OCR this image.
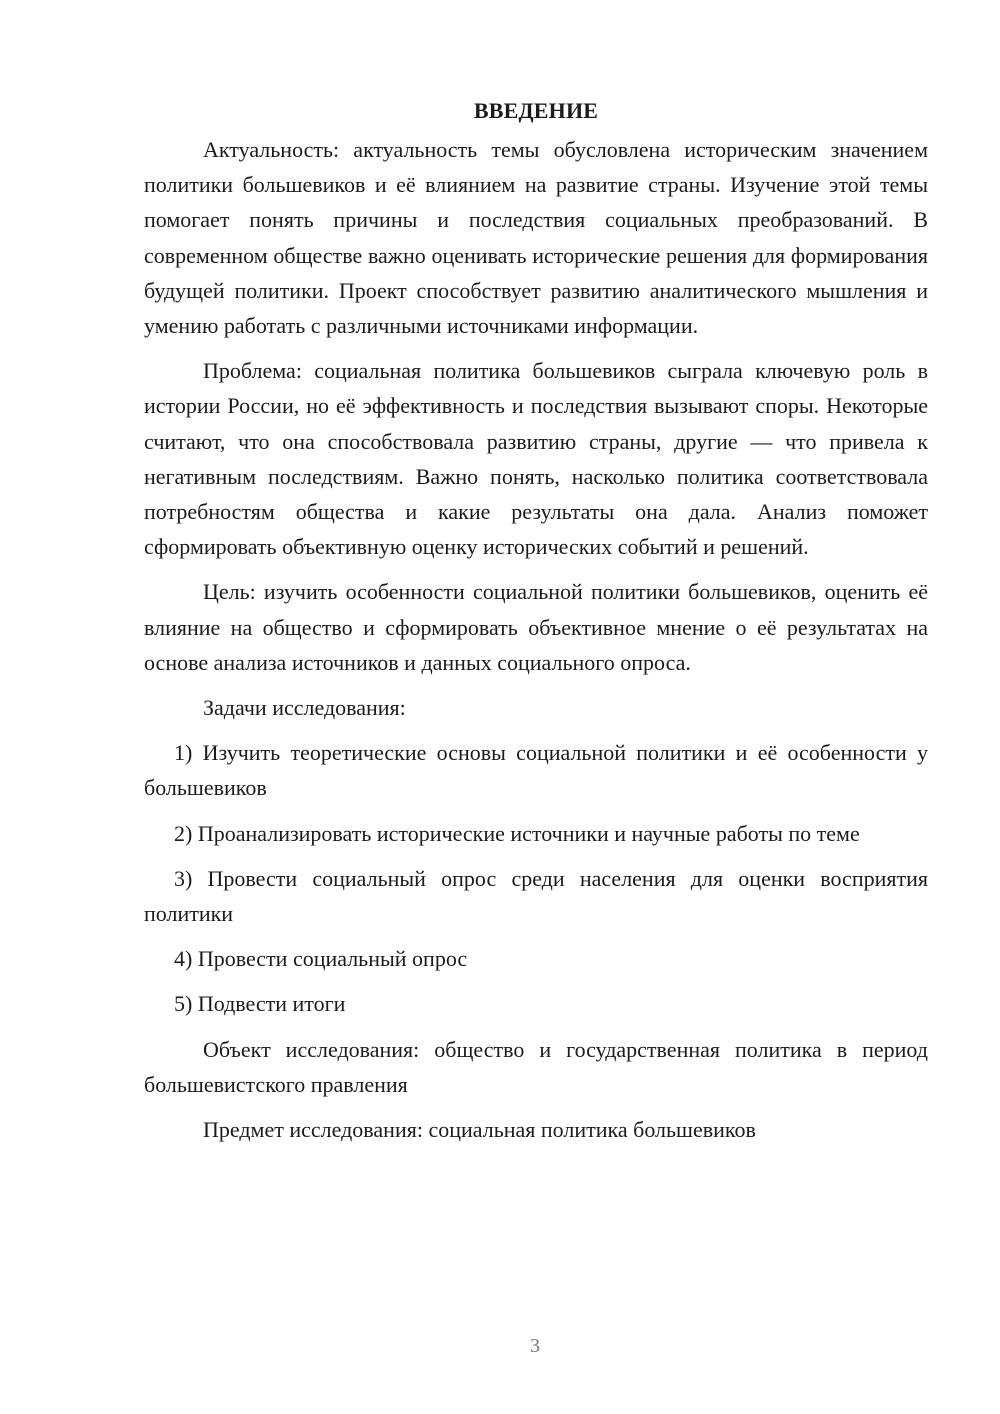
ВВЕДЕНИЕ

Актуальность: актуальность темы обусловлена историческим значением политики большевиков и её влиянием на развитие страны. Изучение этой темы помогает понять причины и последствия социальных преобразований. В современном обществе важно оценивать исторические решения для формирования будущей политики. Проект способствует развитию аналитического мышления и умению работать с различными источниками информации.

Проблема: социальная политика большевиков сыграла ключевую роль в истории России, но её эффективность и последствия вызывают споры. Некоторые считают, что она способствовала развитию страны, другие — что привела к негативным последствиям. Важно понять, насколько политика соответствовала потребностям общества и какие результаты она дала. Анализ поможет сформировать объективную оценку исторических событий и решений.

Цель: изучить особенности социальной политики большевиков, оценить её влияние на общество и сформировать объективное мнение о её результатах на основе анализа источников и данных социального опроса.

Задачи исследования:

1) Изучить теоретические основы социальной политики и её особенности у большевиков

2) Проанализировать исторические источники и научные работы по теме

3) Провести социальный опрос среди населения для оценки восприятия политики

4) Провести социальный опрос

5) Подвести итоги

Объект исследования: общество и государственная политика в период большевистского правления

Предмет исследования: социальная политика большевиков

3
